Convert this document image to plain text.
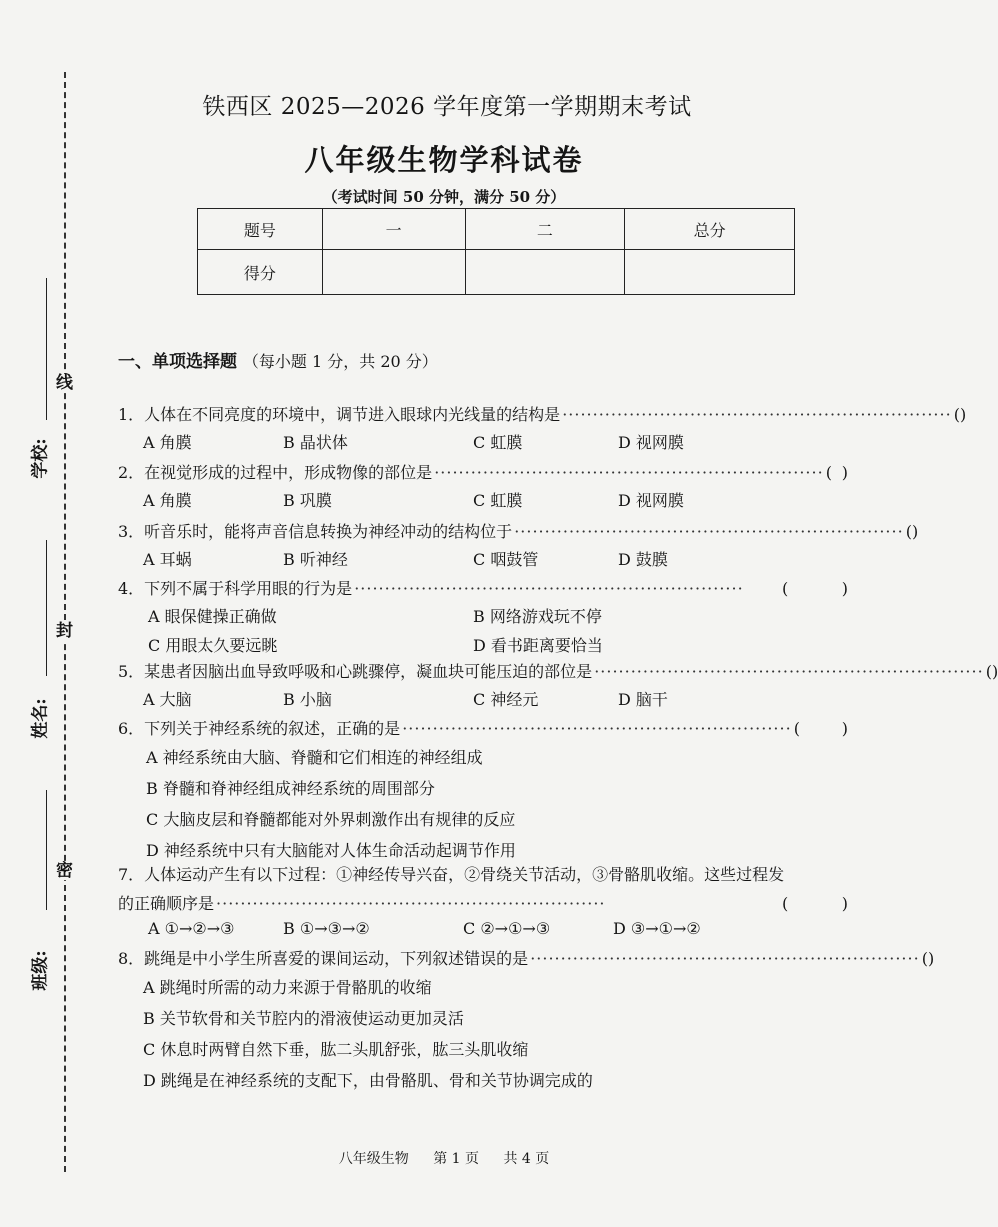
线
封
密
学校:
姓名:
班级:
铁西区 2025—2026 学年度第一学期期末考试
八年级生物学科试卷
（考试时间 50 分钟，满分 50 分）
题号	一	二	总分
得分			
一、单项选择题 （每小题 1 分，共 20 分）
1．人体在不同亮度的环境中，调节进入眼球内光线量的结构是 ································································ ( )
A 角膜	B 晶状体	C 虹膜	D 视网膜
2．在视觉形成的过程中，形成物像的部位是 ································································ ( )
A 角膜	B 巩膜	C 虹膜	D 视网膜
3．听音乐时，能将声音信息转换为神经冲动的结构位于 ································································ ( )
A 耳蜗	B 听神经	C 咽鼓管	D 鼓膜
4．下列不属于科学用眼的行为是 ································································	(	)
A 眼保健操正确做	B 网络游戏玩不停
C 用眼太久要远眺	D 看书距离要恰当
5．某患者因脑出血导致呼吸和心跳骤停，凝血块可能压迫的部位是 ································································ ( )
A 大脑	B 小脑	C 神经元	D 脑干
6．下列关于神经系统的叙述，正确的是 ································································ (	)
A 神经系统由大脑、脊髓和它们相连的神经组成
B 脊髓和脊神经组成神经系统的周围部分
C 大脑皮层和脊髓都能对外界刺激作出有规律的反应
D 神经系统中只有大脑能对人体生命活动起调节作用
7．人体运动产生有以下过程：①神经传导兴奋，②骨绕关节活动，③骨骼肌收缩。这些过程发
的正确顺序是 ································································	(	)
A ①→②→③	B ①→③→②	C ②→①→③	D ③→①→②
8．跳绳是中小学生所喜爱的课间运动，下列叙述错误的是 ································································ ( )
A 跳绳时所需的动力来源于骨骼肌的收缩
B 关节软骨和关节腔内的滑液使运动更加灵活
C 休息时两臂自然下垂，肱二头肌舒张，肱三头肌收缩
D 跳绳是在神经系统的支配下，由骨骼肌、骨和关节协调完成的
八年级生物 第 1 页 共 4 页
